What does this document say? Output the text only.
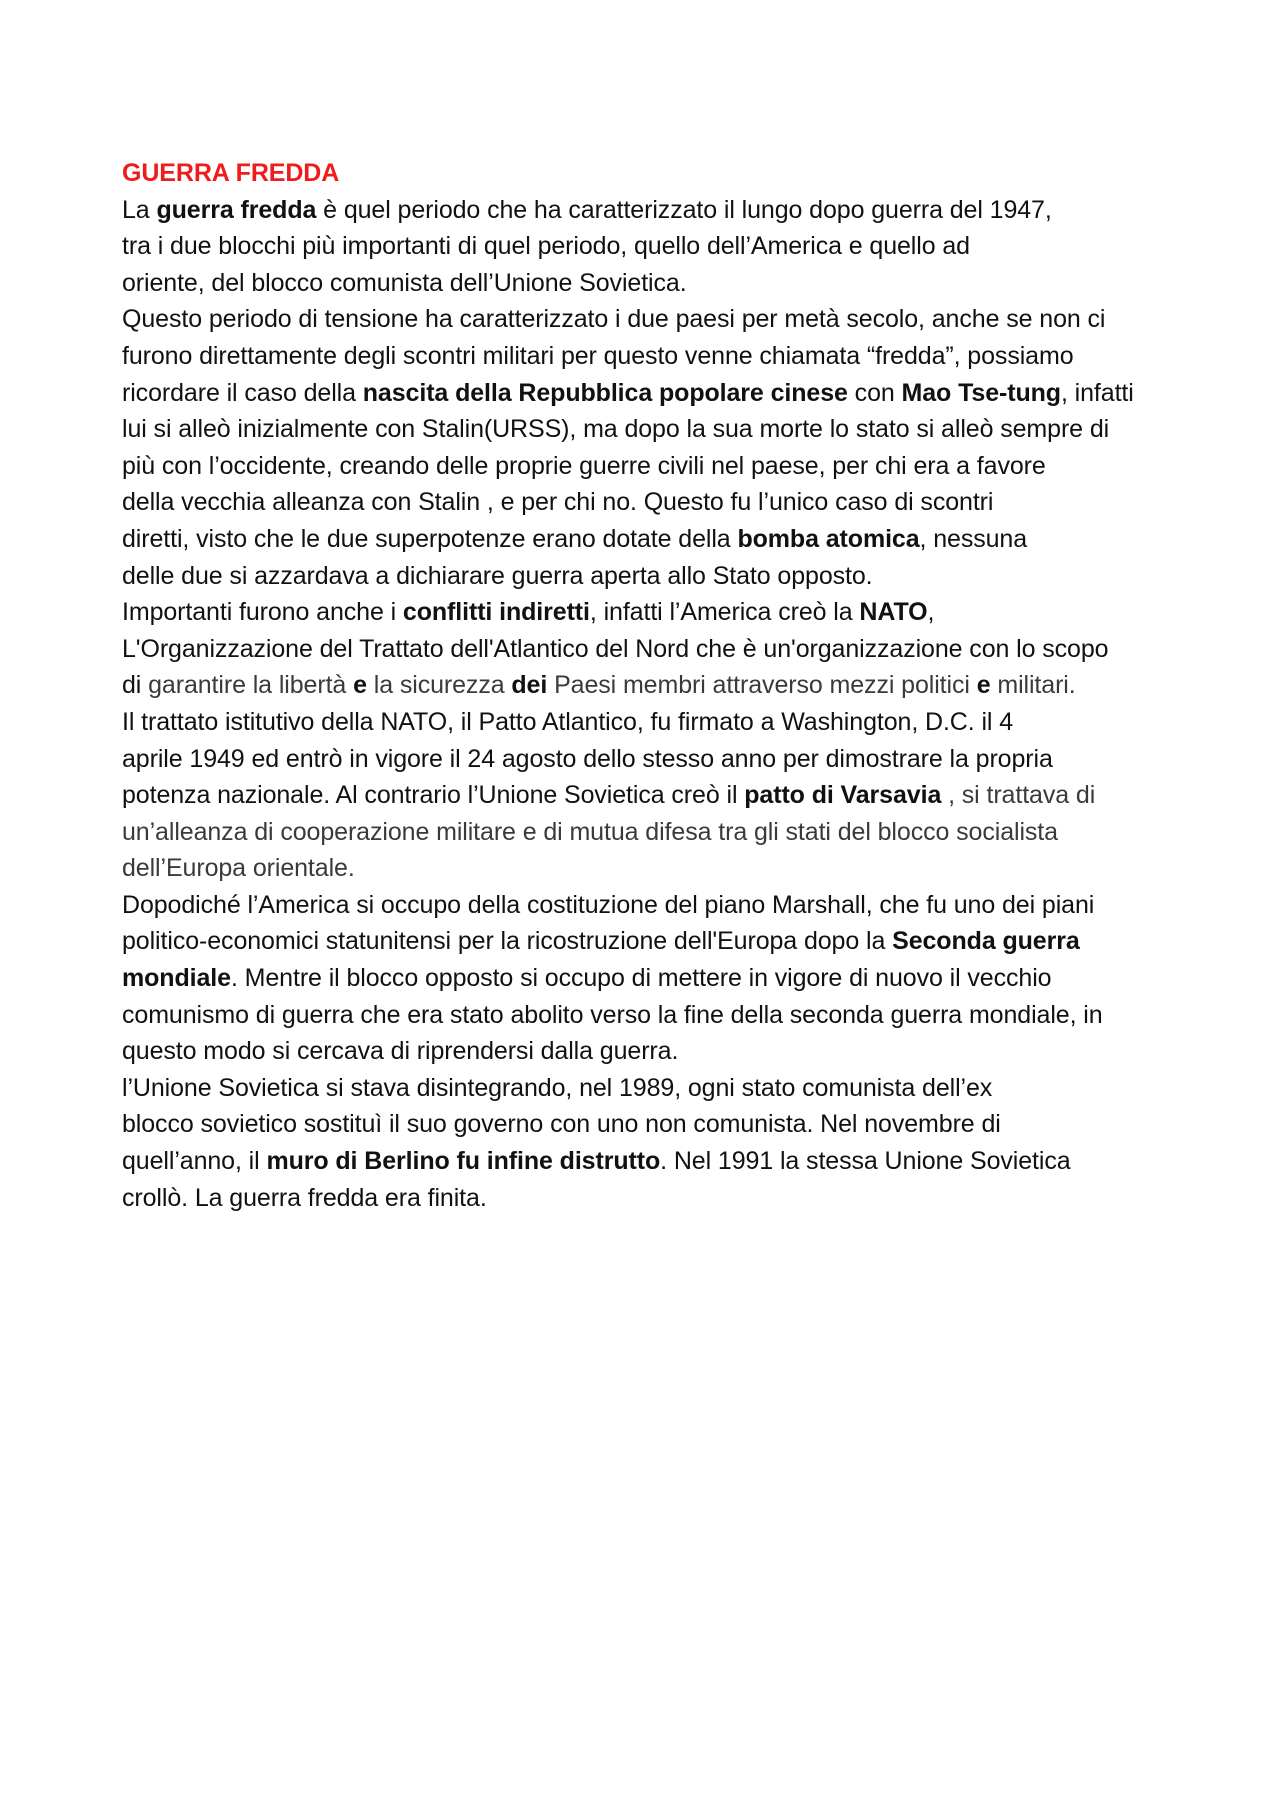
GUERRA FREDDA
La guerra fredda è quel periodo che ha caratterizzato il lungo dopo guerra del 1947,
tra i due blocchi più importanti di quel periodo, quello dell’America e quello ad
oriente, del blocco comunista dell’Unione Sovietica.
Questo periodo di tensione ha caratterizzato i due paesi per metà secolo, anche se non ci
furono direttamente degli scontri militari per questo venne chiamata “fredda”, possiamo
ricordare il caso della nascita della Repubblica popolare cinese con Mao Tse-tung, infatti
lui si alleò inizialmente con Stalin(URSS), ma dopo la sua morte lo stato si alleò sempre di
più con l’occidente, creando delle proprie guerre civili nel paese, per chi era a favore
della vecchia alleanza con Stalin , e per chi no. Questo fu l’unico caso di scontri
diretti, visto che le due superpotenze erano dotate della bomba atomica, nessuna
delle due si azzardava a dichiarare guerra aperta allo Stato opposto.
Importanti furono anche i conflitti indiretti, infatti l’America creò la NATO,
L'Organizzazione del Trattato dell'Atlantico del Nord che è un'organizzazione con lo scopo
di garantire la libertà e la sicurezza dei Paesi membri attraverso mezzi politici e militari.
Il trattato istitutivo della NATO, il Patto Atlantico, fu firmato a Washington, D.C. il 4
aprile 1949 ed entrò in vigore il 24 agosto dello stesso anno per dimostrare la propria
potenza nazionale. Al contrario l’Unione Sovietica creò il patto di Varsavia , si trattava di
un’alleanza di cooperazione militare e di mutua difesa tra gli stati del blocco socialista
dell’Europa orientale.
Dopodiché l’America si occupo della costituzione del piano Marshall, che fu uno dei piani
politico-economici statunitensi per la ricostruzione dell'Europa dopo la Seconda guerra
mondiale. Mentre il blocco opposto si occupo di mettere in vigore di nuovo il vecchio
comunismo di guerra che era stato abolito verso la fine della seconda guerra mondiale, in
questo modo si cercava di riprendersi dalla guerra.
l’Unione Sovietica si stava disintegrando, nel 1989, ogni stato comunista dell’ex
blocco sovietico sostituì il suo governo con uno non comunista. Nel novembre di
quell’anno, il muro di Berlino fu infine distrutto. Nel 1991 la stessa Unione Sovietica
crollò. La guerra fredda era finita.
